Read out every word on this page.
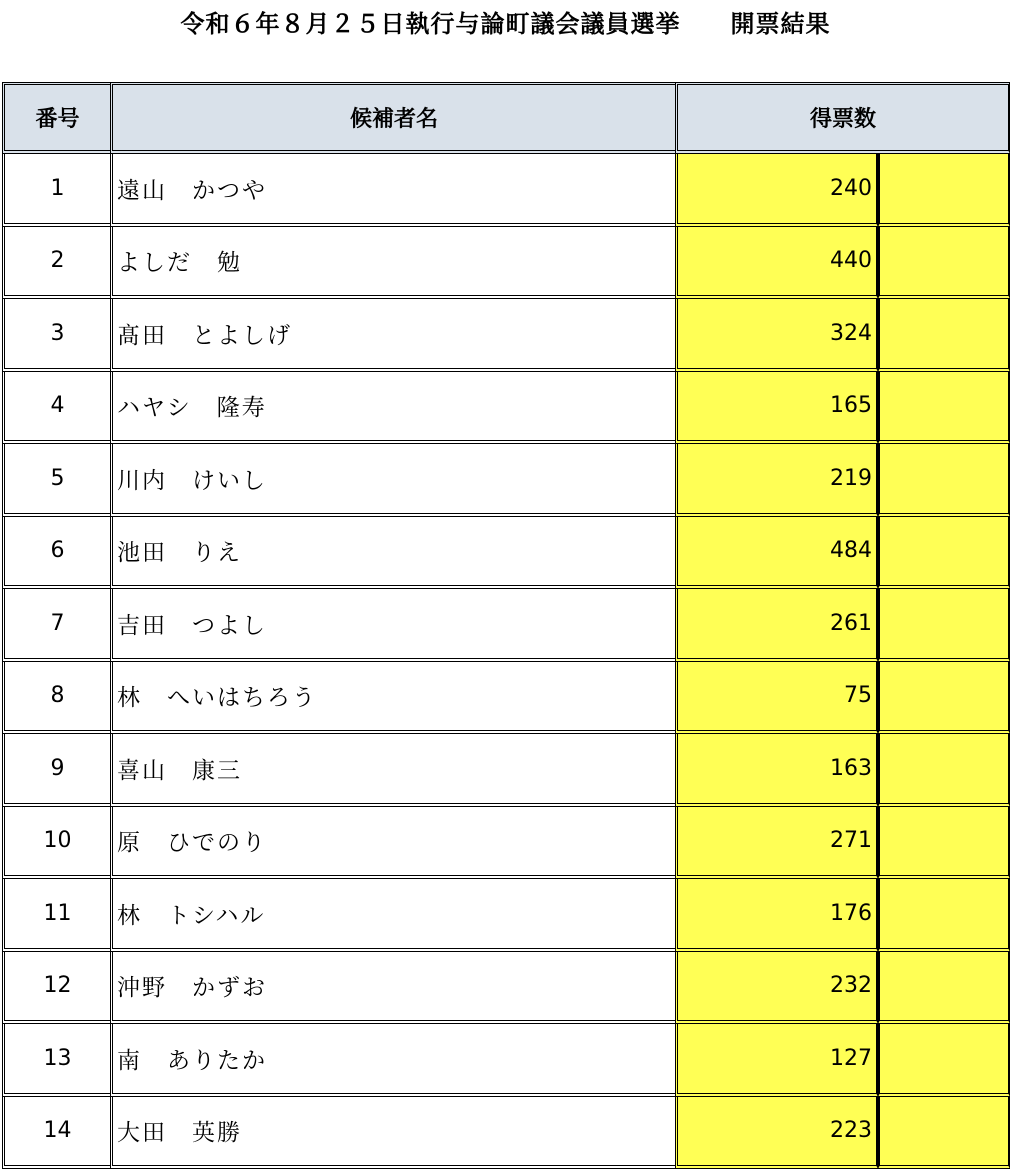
令和６年８月２５日執行与論町議会議員選挙　　開票結果

番号	候補者名	得票数	
1	遠山　かつや	240	
2	よしだ　勉	440	
3	髙田　とよしげ	324	
4	ハヤシ　隆寿	165	
5	川内　けいし	219	
6	池田　りえ	484	
7	吉田　つよし	261	
8	林　へいはちろう	75	
9	喜山　康三	163	
10	原　ひでのり	271	
11	林　トシハル	176	
12	沖野　かずお	232	
13	南　ありたか	127	
14	大田　英勝	223	
